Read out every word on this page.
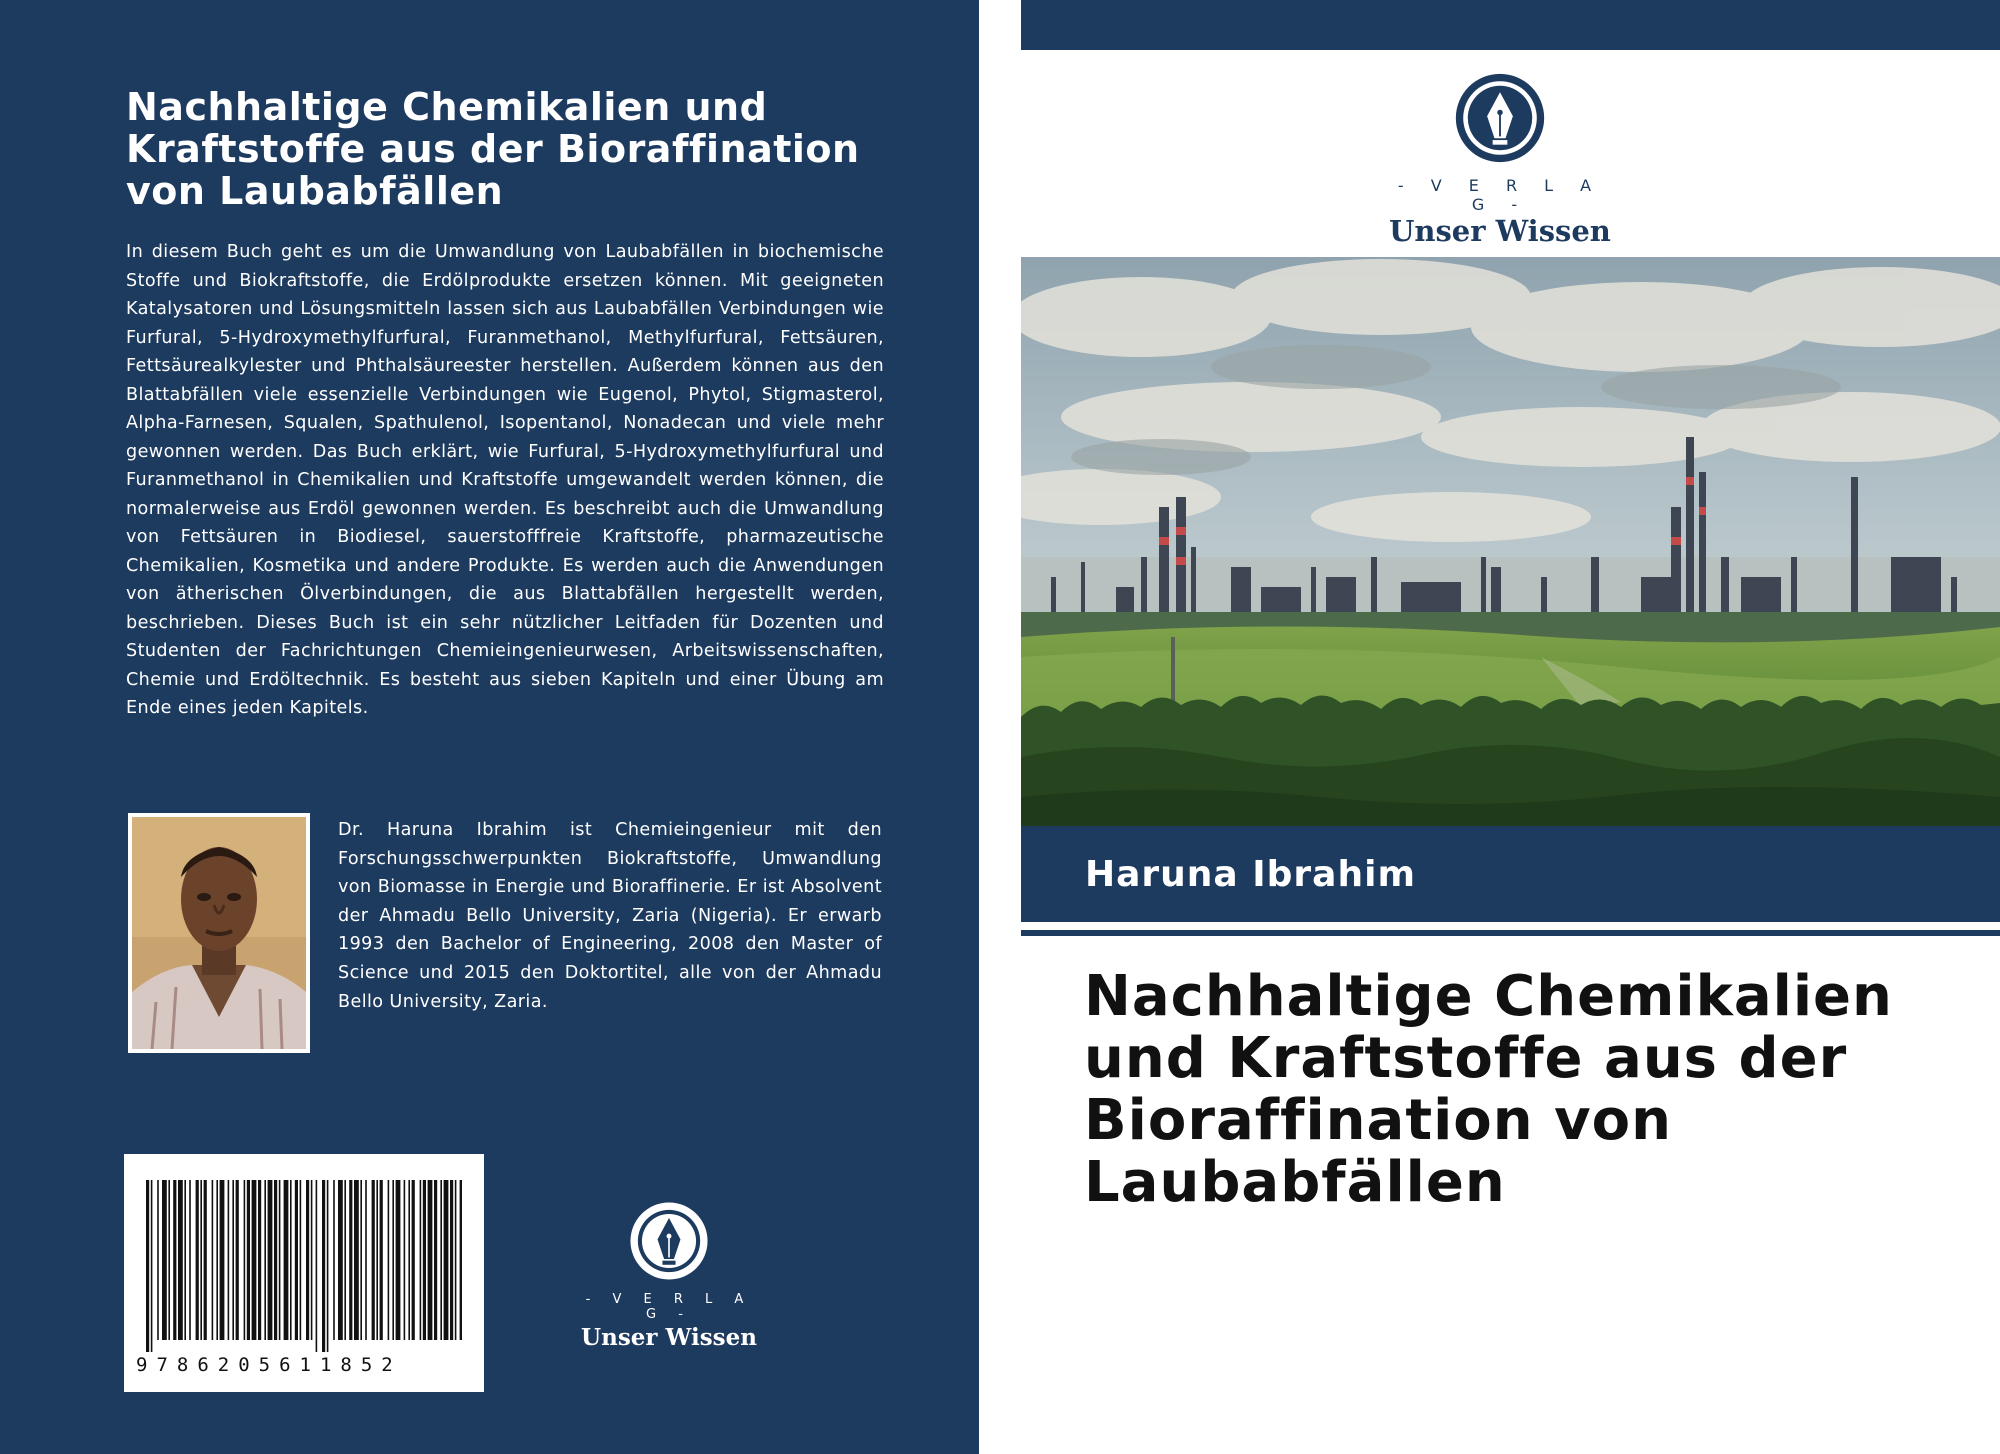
Nachhaltige Chemikalien und Kraftstoffe aus der Bioraffination von Laubabfällen

In diesem Buch geht es um die Umwandlung von Laubabfällen in biochemische Stoffe und Biokraftstoffe, die Erdölprodukte ersetzen können. Mit geeigneten Katalysatoren und Lösungsmitteln lassen sich aus Laubabfällen Verbindungen wie Furfural, 5-Hydroxymethylfurfural, Furanmethanol, Methylfurfural, Fettsäuren, Fettsäurealkylester und Phthalsäureester herstellen. Außerdem können aus den Blattabfällen viele essenzielle Verbindungen wie Eugenol, Phytol, Stigmasterol, Alpha-Farnesen, Squalen, Spathulenol, Isopentanol, Nonadecan und viele mehr gewonnen werden. Das Buch erklärt, wie Furfural, 5-Hydroxymethylfurfural und Furanmethanol in Chemikalien und Kraftstoffe umgewandelt werden können, die normalerweise aus Erdöl gewonnen werden. Es beschreibt auch die Umwandlung von Fettsäuren in Biodiesel, sauerstofffreie Kraftstoffe, pharmazeutische Chemikalien, Kosmetika und andere Produkte. Es werden auch die Anwendungen von ätherischen Ölverbindungen, die aus Blattabfällen hergestellt werden, beschrieben. Dieses Buch ist ein sehr nützlicher Leitfaden für Dozenten und Studenten der Fachrichtungen Chemieingenieurwesen, Arbeitswissenschaften, Chemie und Erdöltechnik. Es besteht aus sieben Kapiteln und einer Übung am Ende eines jeden Kapitels.

Dr. Haruna Ibrahim ist Chemieingenieur mit den Forschungsschwerpunkten Biokraftstoffe, Umwandlung von Biomasse in Energie und Bioraffinerie. Er ist Absolvent der Ahmadu Bello University, Zaria (Nigeria). Er erwarb 1993 den Bachelor of Engineering, 2008 den Master of Science und 2015 den Doktortitel, alle von der Ahmadu Bello University, Zaria.

9786205611852
- V E R L A G -
Unser Wissen
- V E R L A G -
Unser Wissen
Haruna Ibrahim
Nachhaltige Chemikalien und Kraftstoffe aus der Bioraffination von Laubabfällen
